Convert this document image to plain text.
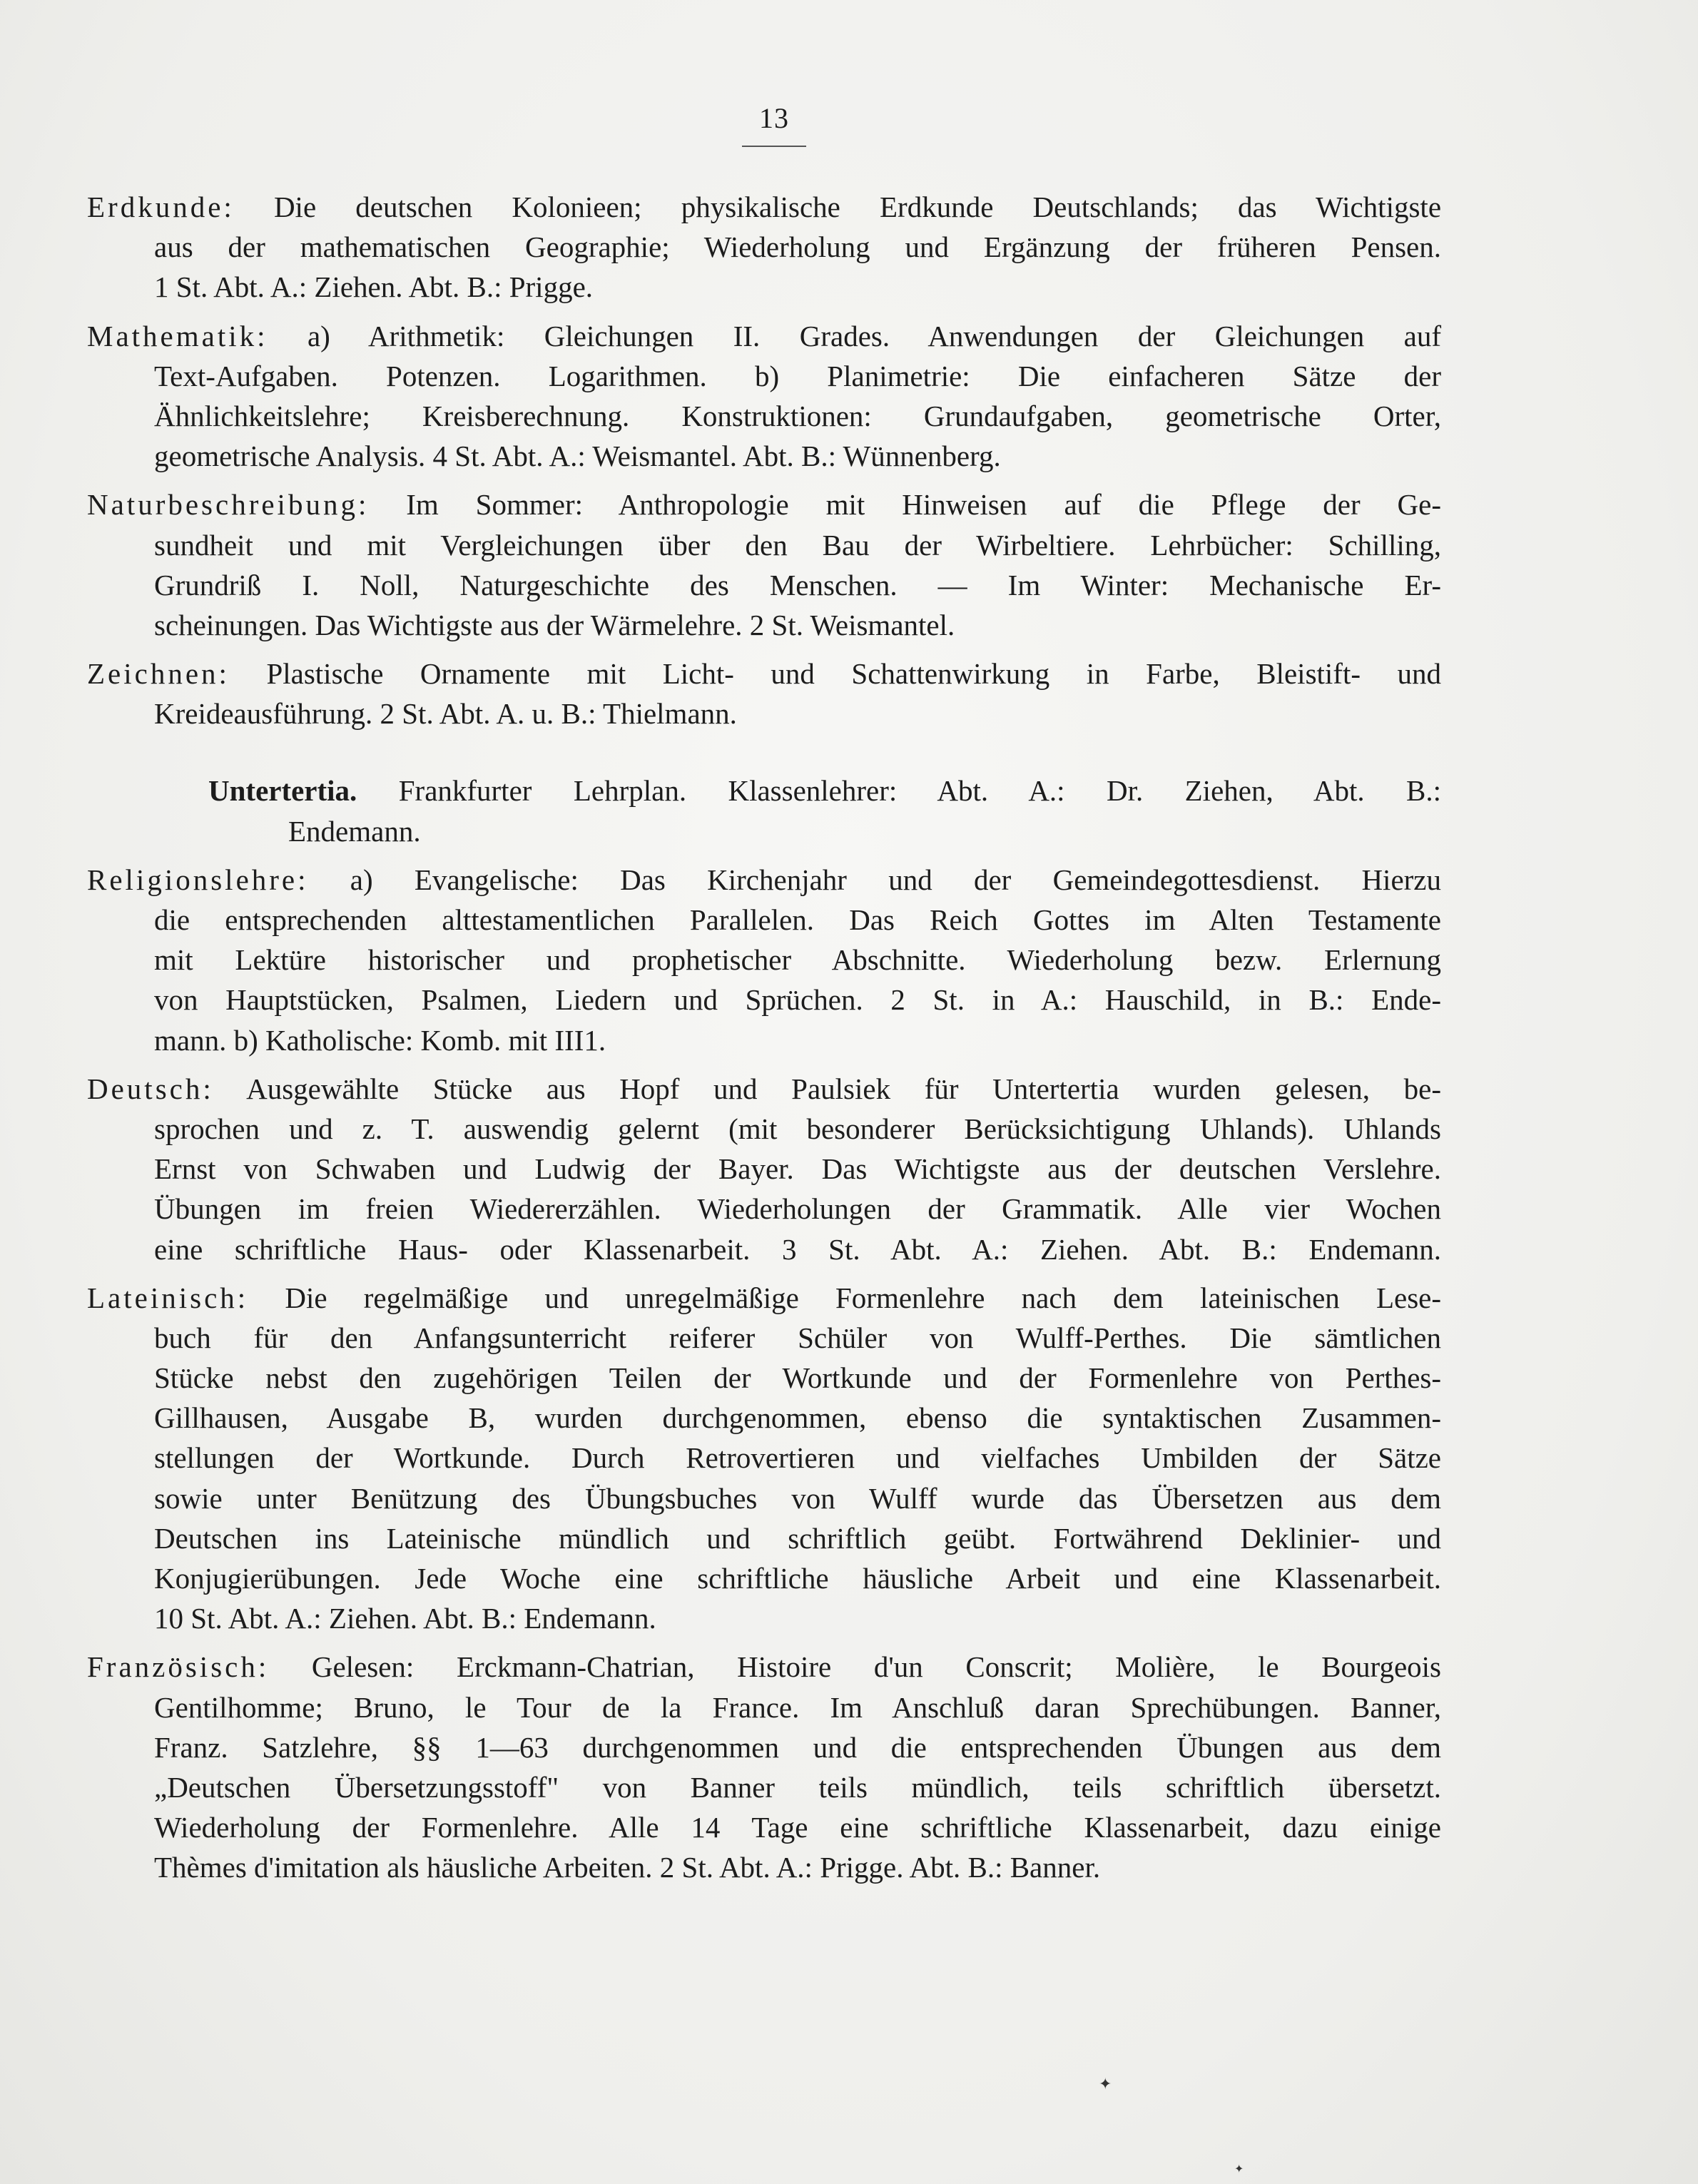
13
Erdkunde: Die deutschen Kolonieen; physikalische Erdkunde Deutschlands; das Wichtigste
aus der mathematischen Geographie; Wiederholung und Ergänzung der früheren Pensen.
1 St. Abt. A.: Ziehen. Abt. B.: Prigge.
Mathematik: a) Arithmetik: Gleichungen II. Grades. Anwendungen der Gleichungen auf
Text-Aufgaben. Potenzen. Logarithmen. b) Planimetrie: Die einfacheren Sätze der
Ähnlichkeitslehre; Kreisberechnung. Konstruktionen: Grundaufgaben, geometrische Orter,
geometrische Analysis. 4 St. Abt. A.: Weismantel. Abt. B.: Wünnenberg.
Naturbeschreibung: Im Sommer: Anthropologie mit Hinweisen auf die Pflege der Ge-
sundheit und mit Vergleichungen über den Bau der Wirbeltiere. Lehrbücher: Schilling,
Grundriß I. Noll, Naturgeschichte des Menschen. — Im Winter: Mechanische Er-
scheinungen. Das Wichtigste aus der Wärmelehre. 2 St. Weismantel.
Zeichnen: Plastische Ornamente mit Licht- und Schattenwirkung in Farbe, Bleistift- und
Kreideausführung. 2 St. Abt. A. u. B.: Thielmann.
Untertertia. Frankfurter Lehrplan. Klassenlehrer: Abt. A.: Dr. Ziehen, Abt. B.:
Endemann.
Religionslehre: a) Evangelische: Das Kirchenjahr und der Gemeindegottesdienst. Hierzu
die entsprechenden alttestamentlichen Parallelen. Das Reich Gottes im Alten Testamente
mit Lektüre historischer und prophetischer Abschnitte. Wiederholung bezw. Erlernung
von Hauptstücken, Psalmen, Liedern und Sprüchen. 2 St. in A.: Hauschild, in B.: Ende-
mann. b) Katholische: Komb. mit III1.
Deutsch: Ausgewählte Stücke aus Hopf und Paulsiek für Untertertia wurden gelesen, be-
sprochen und z. T. auswendig gelernt (mit besonderer Berücksichtigung Uhlands). Uhlands
Ernst von Schwaben und Ludwig der Bayer. Das Wichtigste aus der deutschen Verslehre.
Übungen im freien Wiedererzählen. Wiederholungen der Grammatik. Alle vier Wochen
eine schriftliche Haus- oder Klassenarbeit. 3 St. Abt. A.: Ziehen. Abt. B.: Endemann.
Lateinisch: Die regelmäßige und unregelmäßige Formenlehre nach dem lateinischen Lese-
buch für den Anfangsunterricht reiferer Schüler von Wulff-Perthes. Die sämtlichen
Stücke nebst den zugehörigen Teilen der Wortkunde und der Formenlehre von Perthes-
Gillhausen, Ausgabe B, wurden durchgenommen, ebenso die syntaktischen Zusammen-
stellungen der Wortkunde. Durch Retrovertieren und vielfaches Umbilden der Sätze
sowie unter Benützung des Übungsbuches von Wulff wurde das Übersetzen aus dem
Deutschen ins Lateinische mündlich und schriftlich geübt. Fortwährend Deklinier- und
Konjugierübungen. Jede Woche eine schriftliche häusliche Arbeit und eine Klassenarbeit.
10 St. Abt. A.: Ziehen. Abt. B.: Endemann.
Französisch: Gelesen: Erckmann-Chatrian, Histoire d'un Conscrit; Molière, le Bourgeois
Gentilhomme; Bruno, le Tour de la France. Im Anschluß daran Sprechübungen. Banner,
Franz. Satzlehre, §§ 1—63 durchgenommen und die entsprechenden Übungen aus dem
„Deutschen Übersetzungsstoff" von Banner teils mündlich, teils schriftlich übersetzt.
Wiederholung der Formenlehre. Alle 14 Tage eine schriftliche Klassenarbeit, dazu einige
Thèmes d'imitation als häusliche Arbeiten. 2 St. Abt. A.: Prigge. Abt. B.: Banner.
✦
✦
